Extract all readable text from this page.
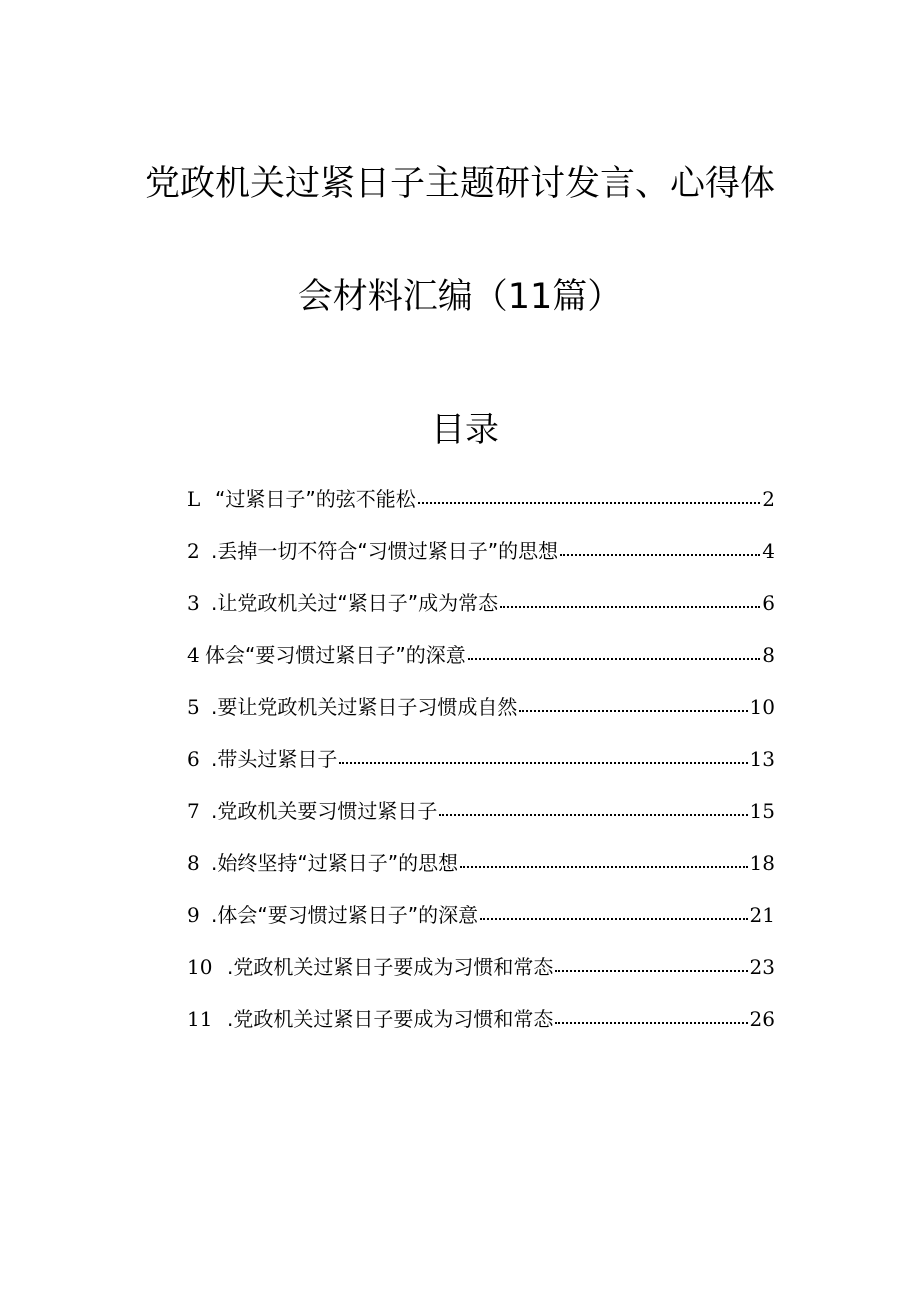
党政机关过紧日子主题研讨发言、心得体
会材料汇编（11篇）
目录
L “过紧日子”的弦不能松	2
2 .丢掉一切不符合“习惯过紧日子”的思想	4
3 .让党政机关过“紧日子”成为常态	6
4 体会“要习惯过紧日子”的深意	8
5 .要让党政机关过紧日子习惯成自然	10
6 .带头过紧日子	13
7 .党政机关要习惯过紧日子	15
8 .始终坚持“过紧日子”的思想	18
9 .体会“要习惯过紧日子”的深意	21
10 .党政机关过紧日子要成为习惯和常态	23
11 .党政机关过紧日子要成为习惯和常态	26
